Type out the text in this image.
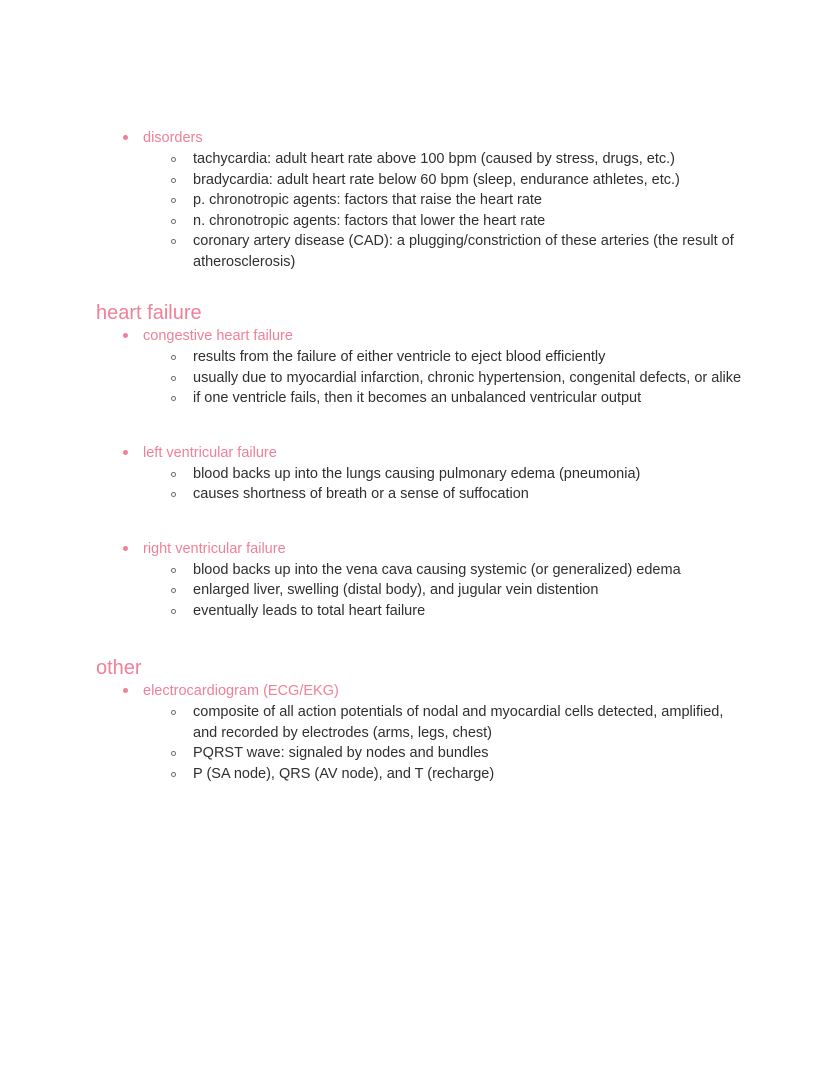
disorders
tachycardia: adult heart rate above 100 bpm (caused by stress, drugs, etc.)
bradycardia: adult heart rate below 60 bpm (sleep, endurance athletes, etc.)
p. chronotropic agents: factors that raise the heart rate
n. chronotropic agents: factors that lower the heart rate
coronary artery disease (CAD): a plugging/constriction of these arteries (the result of atherosclerosis)
heart failure
congestive heart failure
results from the failure of either ventricle to eject blood efficiently
usually due to myocardial infarction, chronic hypertension, congenital defects, or alike
if one ventricle fails, then it becomes an unbalanced ventricular output
left ventricular failure
blood backs up into the lungs causing pulmonary edema (pneumonia)
causes shortness of breath or a sense of suffocation
right ventricular failure
blood backs up into the vena cava causing systemic (or generalized) edema
enlarged liver, swelling (distal body), and jugular vein distention
eventually leads to total heart failure
other
electrocardiogram (ECG/EKG)
composite of all action potentials of nodal and myocardial cells detected, amplified, and recorded by electrodes (arms, legs, chest)
PQRST wave: signaled by nodes and bundles
P (SA node), QRS (AV node), and T (recharge)
